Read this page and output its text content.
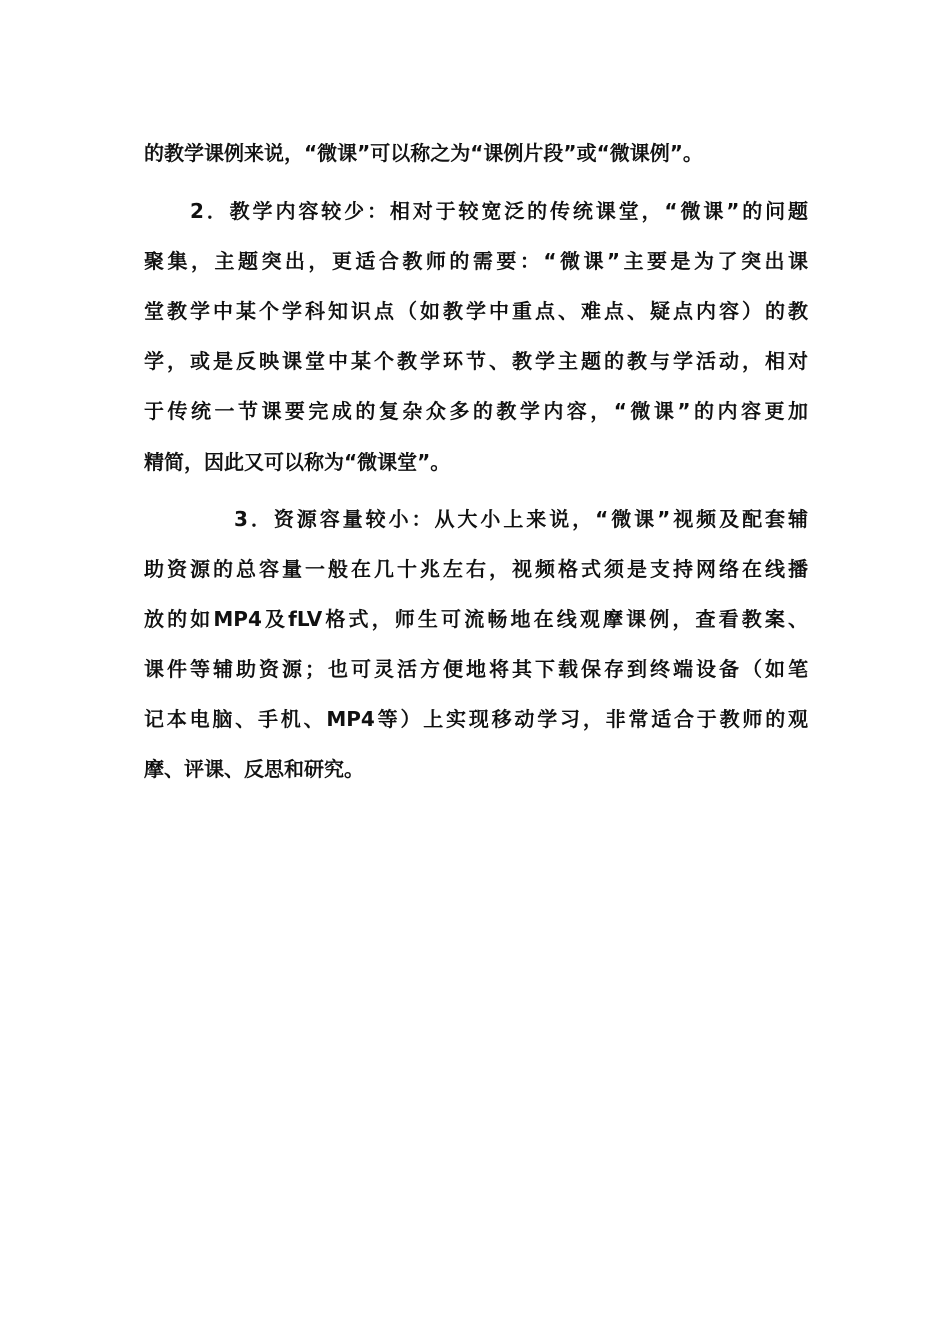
的教学课例来说，“微课”可以称之为“课例片段”或“微课例”。
2．教学内容较少：相对于较宽泛的传统课堂，“微课”的问题
聚集，主题突出，更适合教师的需要：“微课”主要是为了突出课
堂教学中某个学科知识点（如教学中重点、难点、疑点内容）的教
学，或是反映课堂中某个教学环节、教学主题的教与学活动，相对
于传统一节课要完成的复杂众多的教学内容，“微课”的内容更加
精简，因此又可以称为“微课堂”。
3．资源容量较小：从大小上来说，“微课”视频及配套辅
助资源的总容量一般在几十兆左右，视频格式须是支持网络在线播
放的如MP4及fLV格式，师生可流畅地在线观摩课例，查看教案、
课件等辅助资源；也可灵活方便地将其下载保存到终端设备（如笔
记本电脑、手机、MP4等）上实现移动学习，非常适合于教师的观
摩、评课、反思和研究。
